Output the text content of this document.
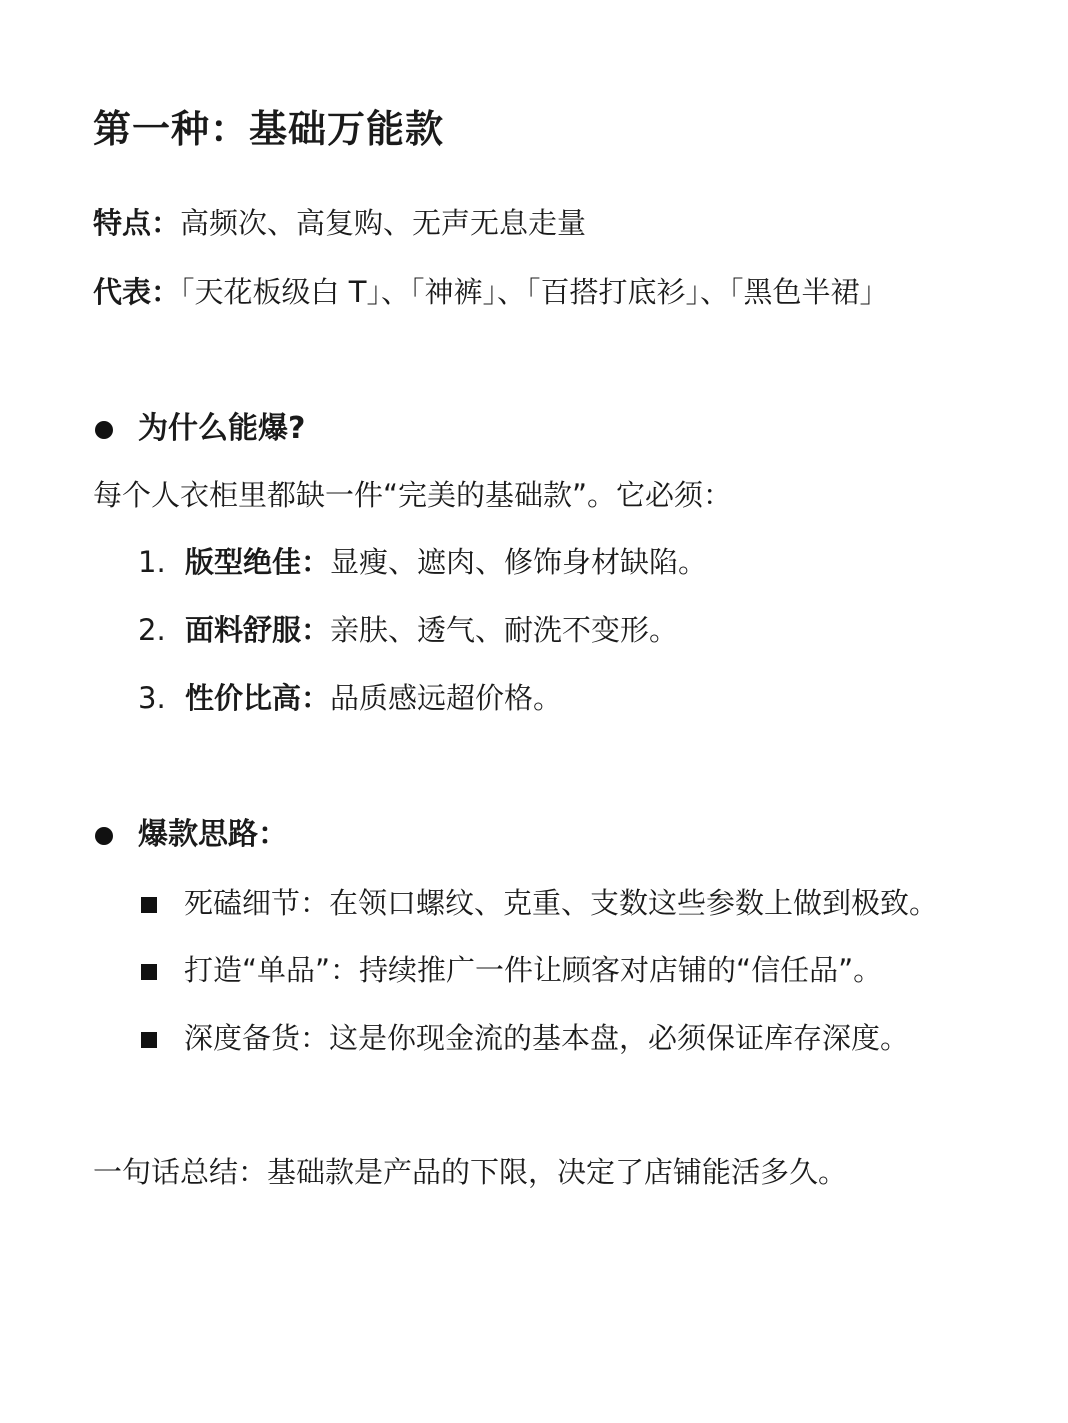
第一种：基础万能款
特点：高频次、高复购、无声无息走量
代表：「天花板级白 T」、「神裤」、「百搭打底衫」、「黑色半裙」
为什么能爆?
每个人衣柜里都缺一件“完美的基础款”。它必须：
1. 版型绝佳：显瘦、遮肉、修饰身材缺陷。
2. 面料舒服：亲肤、透气、耐洗不变形。
3. 性价比高：品质感远超价格。
爆款思路：
死磕细节：在领口螺纹、克重、支数这些参数上做到极致。
打造“单品”：持续推广一件让顾客对店铺的“信任品”。
深度备货：这是你现金流的基本盘，必须保证库存深度。
一句话总结：基础款是产品的下限，决定了店铺能活多久。
